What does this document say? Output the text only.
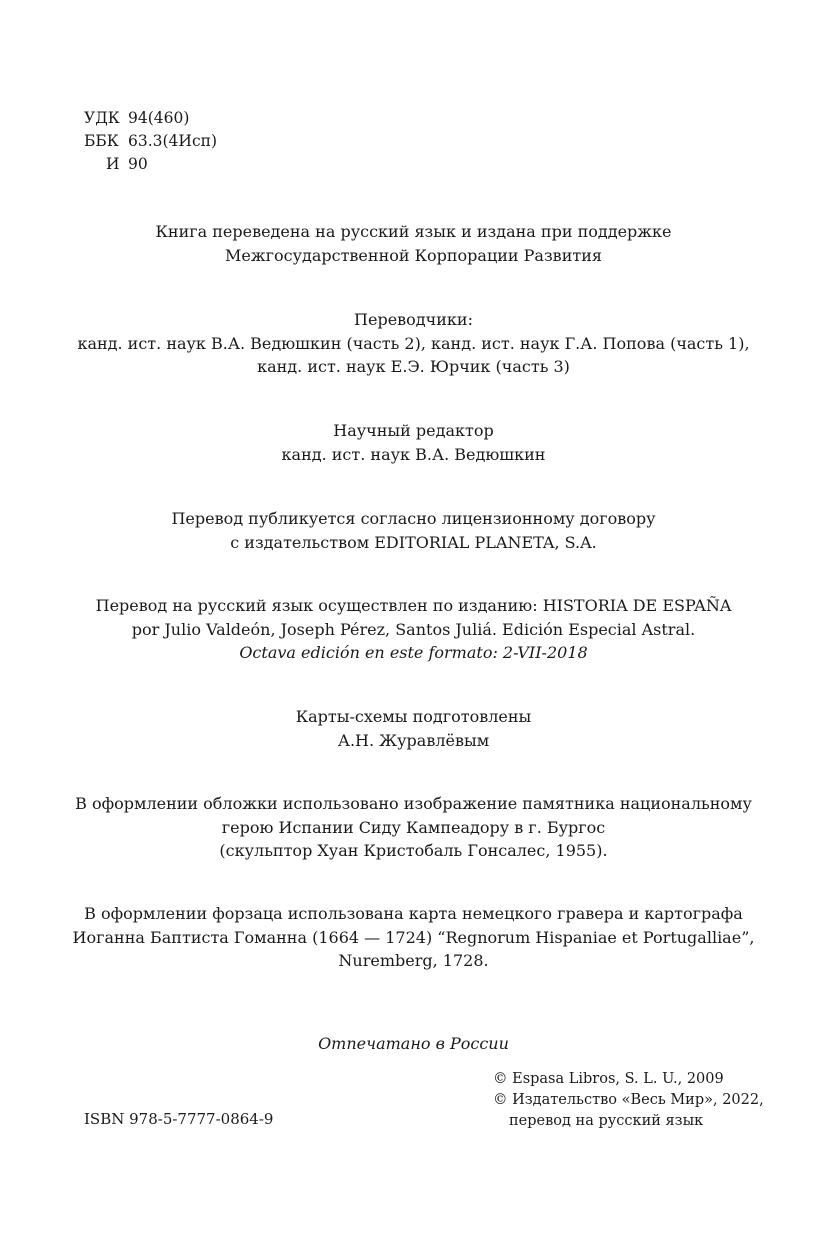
УДК 94(460)
ББК 63.3(4Исп)
И 90
Книга переведена на русский язык и издана при поддержке
Межгосударственной Корпорации Развития
Переводчики:
канд. ист. наук В.А. Ведюшкин (часть 2), канд. ист. наук Г.А. Попова (часть 1),
канд. ист. наук Е.Э. Юрчик (часть 3)
Научный редактор
канд. ист. наук В.А. Ведюшкин
Перевод публикуется согласно лицензионному договору
с издательством EDITORIAL PLANETA, S.A.
Перевод на русский язык осуществлен по изданию: HISTORIA DE ESPAÑA
por Julio Valdeón, Joseph Pérez, Santos Juliá. Edición Especial Astral.
Octava edición en este formato: 2-VII-2018
Карты-схемы подготовлены
А.Н. Журавлёвым
В оформлении обложки использовано изображение памятника национальному
герою Испании Сиду Кампеадору в г. Бургос
(скульптор Хуан Кристобаль Гонсалес, 1955).
В оформлении форзаца использована карта немецкого гравера и картографа
Иоганна Баптиста Гоманна (1664 — 1724) “Regnorum Hispaniae et Portugalliae”,
Nuremberg, 1728.
Отпечатано в России
ISBN 978-5-7777-0864-9
© Espasa Libros, S. L. U., 2009
© Издательство «Весь Мир», 2022,
перевод на русский язык
